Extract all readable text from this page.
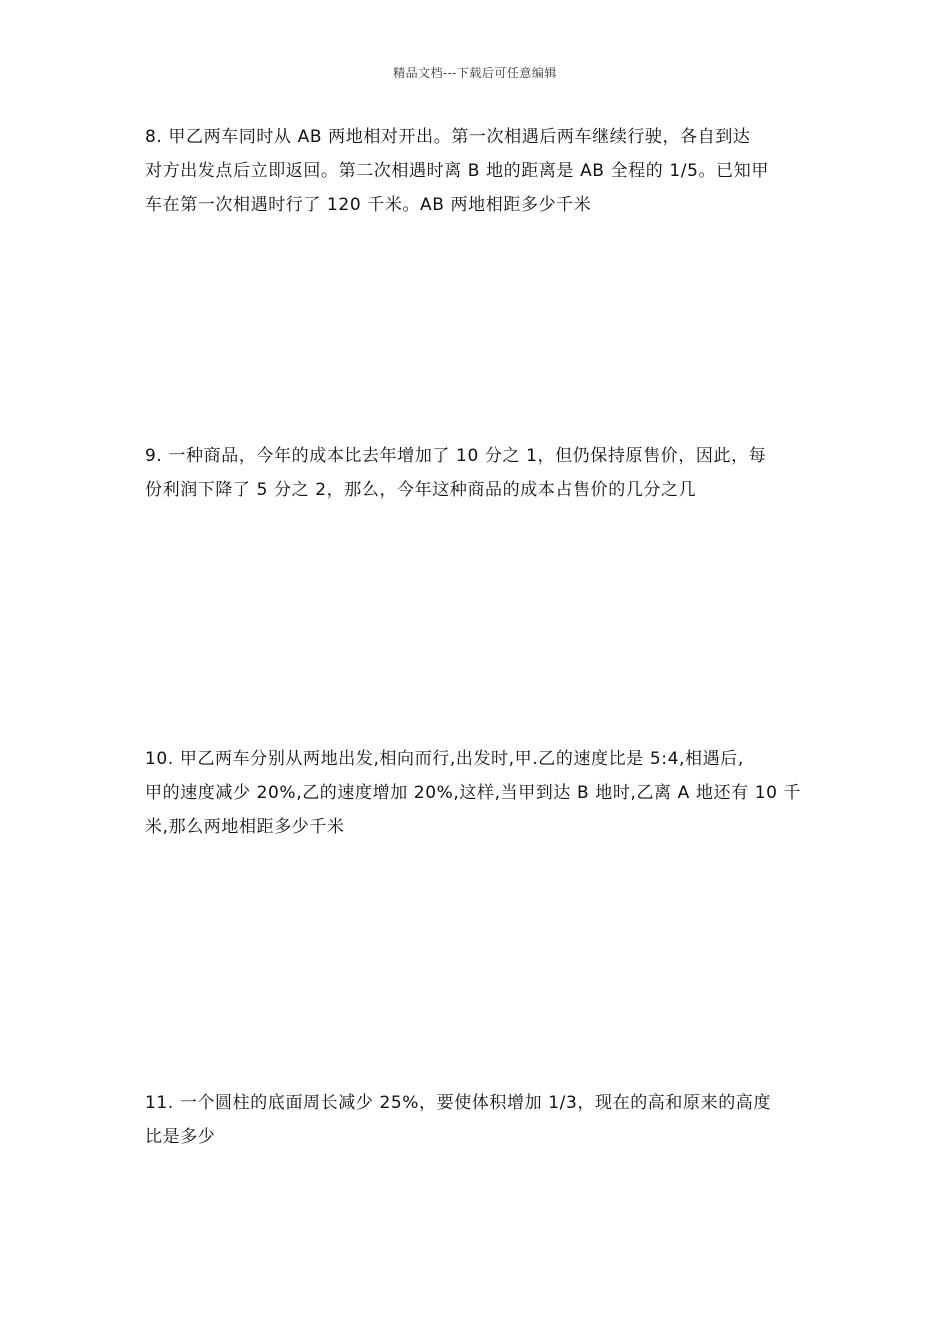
精品文档---下载后可任意编辑
8. 甲乙两车同时从 AB 两地相对开出。第一次相遇后两车继续行驶，各自到达
对方出发点后立即返回。第二次相遇时离 B 地的距离是 AB 全程的 1/5。已知甲
车在第一次相遇时行了 120 千米。AB 两地相距多少千米
9. 一种商品，今年的成本比去年增加了 10 分之 1，但仍保持原售价，因此，每
份利润下降了 5 分之 2，那么，今年这种商品的成本占售价的几分之几
10. 甲乙两车分别从两地出发,相向而行,出发时,甲.乙的速度比是 5:4,相遇后,
甲的速度减少 20%,乙的速度增加 20%,这样,当甲到达 B 地时,乙离 A 地还有 10 千
米,那么两地相距多少千米
11. 一个圆柱的底面周长减少 25%，要使体积增加 1/3，现在的高和原来的高度
比是多少
